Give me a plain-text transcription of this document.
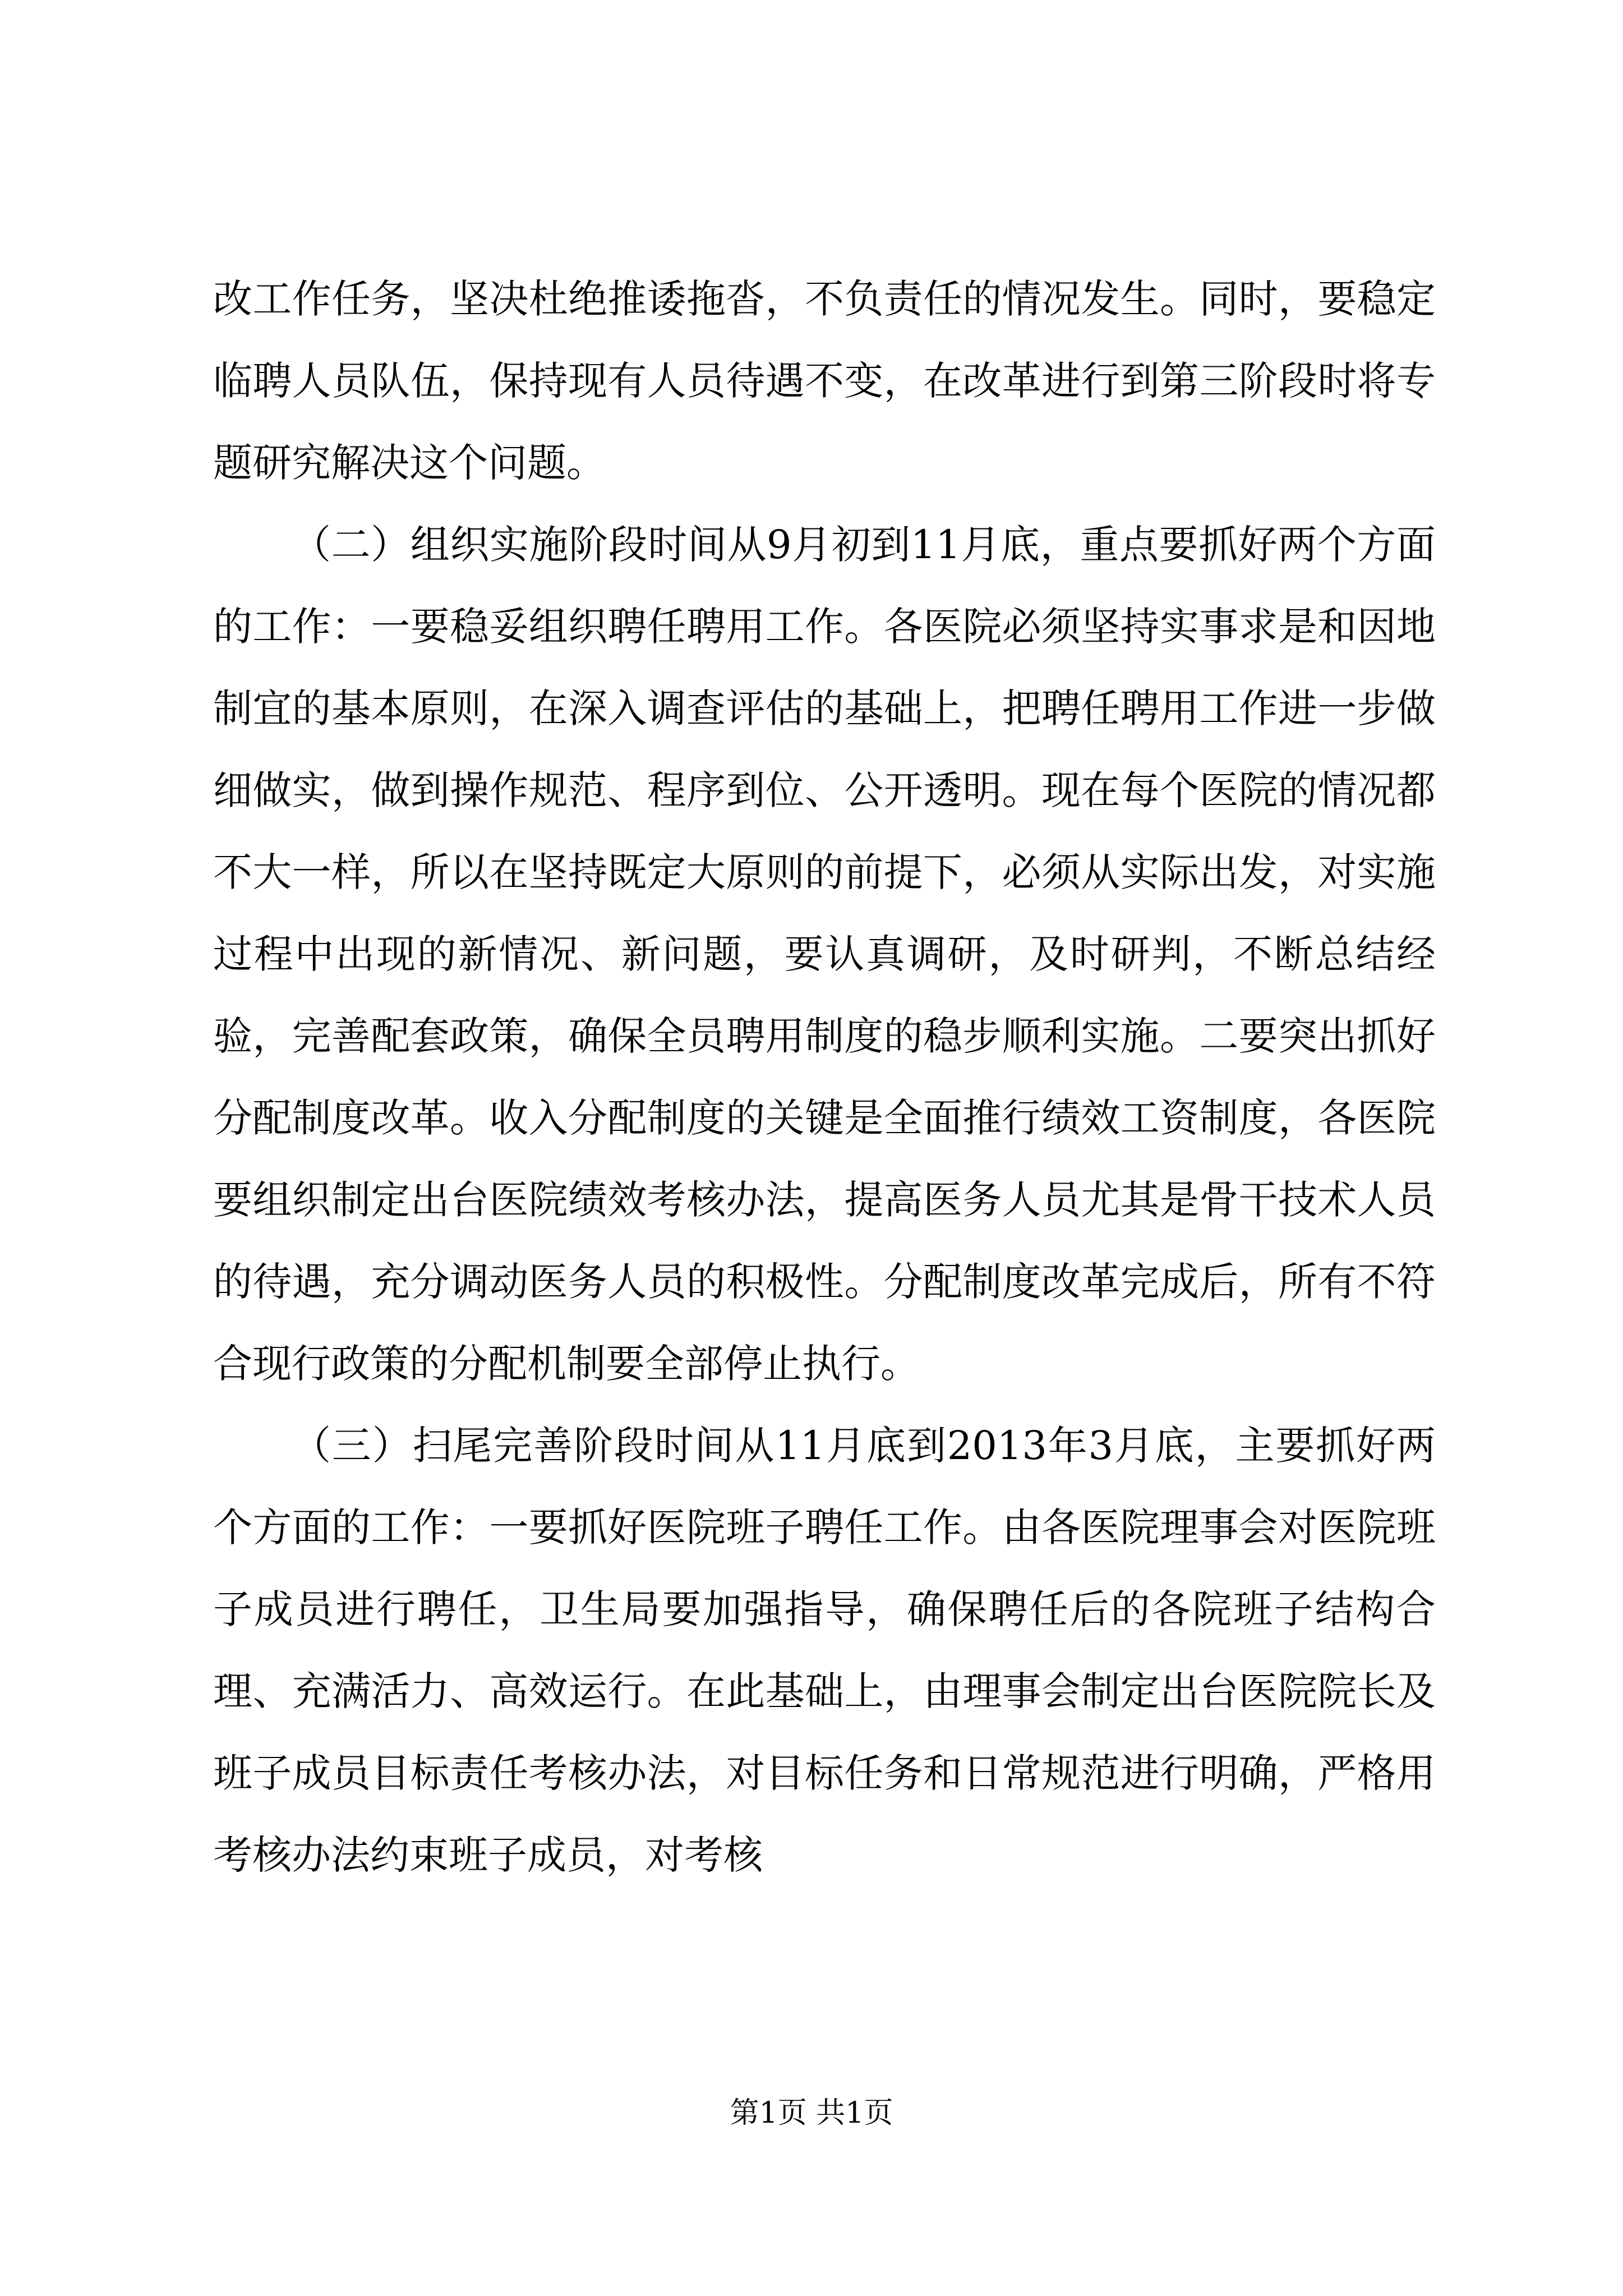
改工作任务，坚决杜绝推诿拖沓，不负责任的情况发生。同时，要稳定临聘人员队伍，保持现有人员待遇不变，在改革进行到第三阶段时将专题研究解决这个问题。

（二）组织实施阶段时间从9月初到11月底，重点要抓好两个方面的工作：一要稳妥组织聘任聘用工作。各医院必须坚持实事求是和因地制宜的基本原则，在深入调查评估的基础上，把聘任聘用工作进一步做细做实，做到操作规范、程序到位、公开透明。现在每个医院的情况都不大一样，所以在坚持既定大原则的前提下，必须从实际出发，对实施过程中出现的新情况、新问题，要认真调研，及时研判，不断总结经验，完善配套政策，确保全员聘用制度的稳步顺利实施。二要突出抓好分配制度改革。收入分配制度的关键是全面推行绩效工资制度，各医院要组织制定出台医院绩效考核办法，提高医务人员尤其是骨干技术人员的待遇，充分调动医务人员的积极性。分配制度改革完成后，所有不符合现行政策的分配机制要全部停止执行。

（三）扫尾完善阶段时间从11月底到2013年3月底，主要抓好两个方面的工作：一要抓好医院班子聘任工作。由各医院理事会对医院班子成员进行聘任，卫生局要加强指导，确保聘任后的各院班子结构合理、充满活力、高效运行。在此基础上，由理事会制定出台医院院长及班子成员目标责任考核办法，对目标任务和日常规范进行明确，严格用考核办法约束班子成员，对考核

第1页 共1页
